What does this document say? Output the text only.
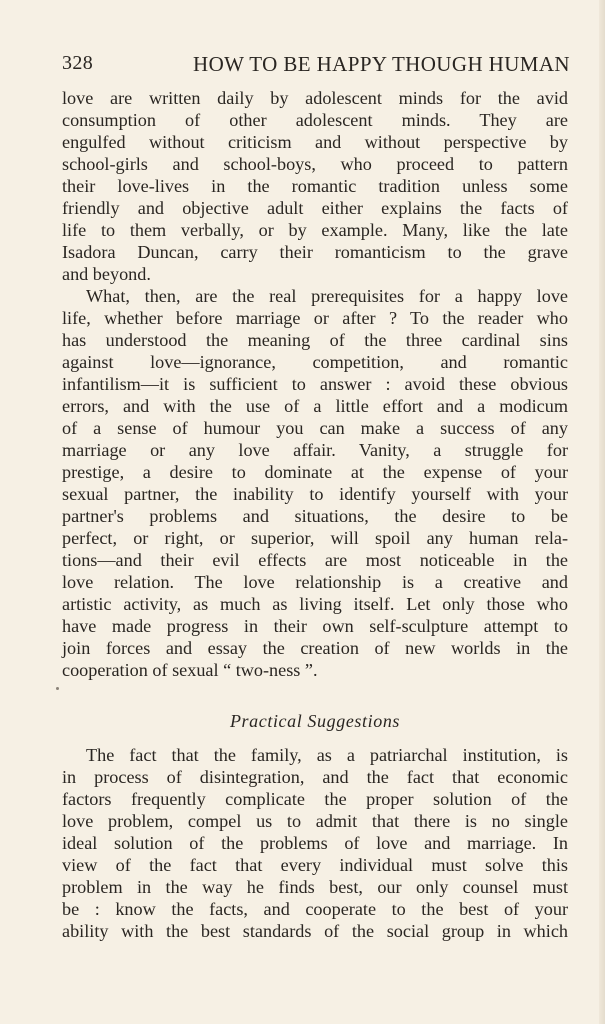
328	HOW TO BE HAPPY THOUGH HUMAN
love are written daily by adolescent minds for the avid
consumption of other adolescent minds. They are
engulfed without criticism and without perspective by
school-girls and school-boys, who proceed to pattern
their love-lives in the romantic tradition unless some
friendly and objective adult either explains the facts of
life to them verbally, or by example. Many, like the late
Isadora Duncan, carry their romanticism to the grave
and beyond.
What, then, are the real prerequisites for a happy love
life, whether before marriage or after ? To the reader who
has understood the meaning of the three cardinal sins
against love—ignorance, competition, and romantic
infantilism—it is sufficient to answer : avoid these obvious
errors, and with the use of a little effort and a modicum
of a sense of humour you can make a success of any
marriage or any love affair. Vanity, a struggle for
prestige, a desire to dominate at the expense of your
sexual partner, the inability to identify yourself with your
partner's problems and situations, the desire to be
perfect, or right, or superior, will spoil any human rela-
tions—and their evil effects are most noticeable in the
love relation. The love relationship is a creative and
artistic activity, as much as living itself. Let only those who
have made progress in their own self-sculpture attempt to
join forces and essay the creation of new worlds in the
cooperation of sexual “ two-ness ”.
Practical Suggestions
The fact that the family, as a patriarchal institution, is
in process of disintegration, and the fact that economic
factors frequently complicate the proper solution of the
love problem, compel us to admit that there is no single
ideal solution of the problems of love and marriage. In
view of the fact that every individual must solve this
problem in the way he finds best, our only counsel must
be : know the facts, and cooperate to the best of your
ability with the best standards of the social group in which
